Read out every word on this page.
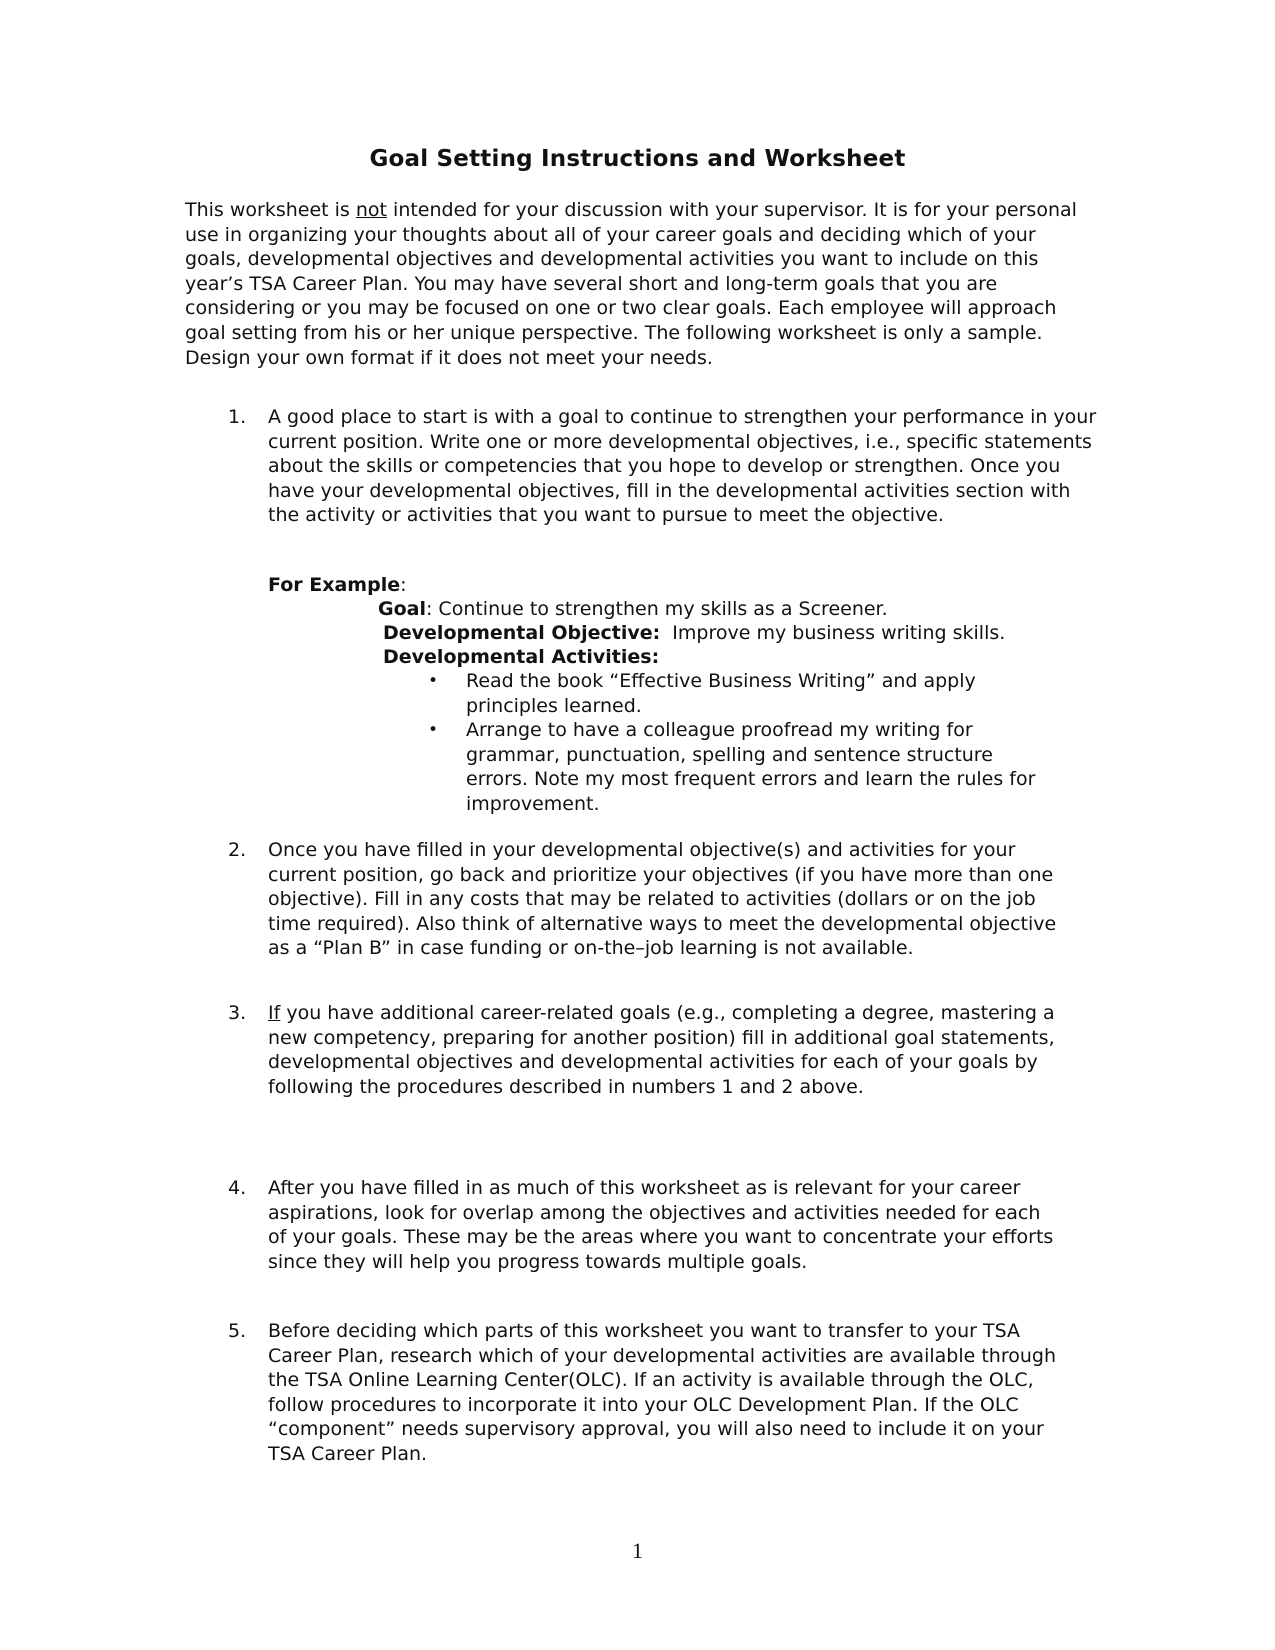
Goal Setting Instructions and Worksheet
This worksheet is not intended for your discussion with your supervisor. It is for your personal use in organizing your thoughts about all of your career goals and deciding which of your goals, developmental objectives and developmental activities you want to include on this year’s TSA Career Plan. You may have several short and long-term goals that you are considering or you may be focused on one or two clear goals. Each employee will approach goal setting from his or her unique perspective. The following worksheet is only a sample. Design your own format if it does not meet your needs.
1. A good place to start is with a goal to continue to strengthen your performance in your current position. Write one or more developmental objectives, i.e., specific statements about the skills or competencies that you hope to develop or strengthen. Once you have your developmental objectives, fill in the developmental activities section with the activity or activities that you want to pursue to meet the objective.
For Example:
Goal: Continue to strengthen my skills as a Screener.
Developmental Objective:  Improve my business writing skills.
Developmental Activities:
• Read the book “Effective Business Writing” and apply principles learned.
• Arrange to have a colleague proofread my writing for grammar, punctuation, spelling and sentence structure errors. Note my most frequent errors and learn the rules for improvement.
2. Once you have filled in your developmental objective(s) and activities for your current position, go back and prioritize your objectives (if you have more than one objective). Fill in any costs that may be related to activities (dollars or on the job time required). Also think of alternative ways to meet the developmental objective as a “Plan B” in case funding or on-the–job learning is not available.
3. If you have additional career-related goals (e.g., completing a degree, mastering a new competency, preparing for another position) fill in additional goal statements, developmental objectives and developmental activities for each of your goals by following the procedures described in numbers 1 and 2 above.
4. After you have filled in as much of this worksheet as is relevant for your career aspirations, look for overlap among the objectives and activities needed for each of your goals. These may be the areas where you want to concentrate your efforts since they will help you progress towards multiple goals.
5. Before deciding which parts of this worksheet you want to transfer to your TSA Career Plan, research which of your developmental activities are available through the TSA Online Learning Center(OLC). If an activity is available through the OLC, follow procedures to incorporate it into your OLC Development Plan. If the OLC “component” needs supervisory approval, you will also need to include it on your TSA Career Plan.
1
